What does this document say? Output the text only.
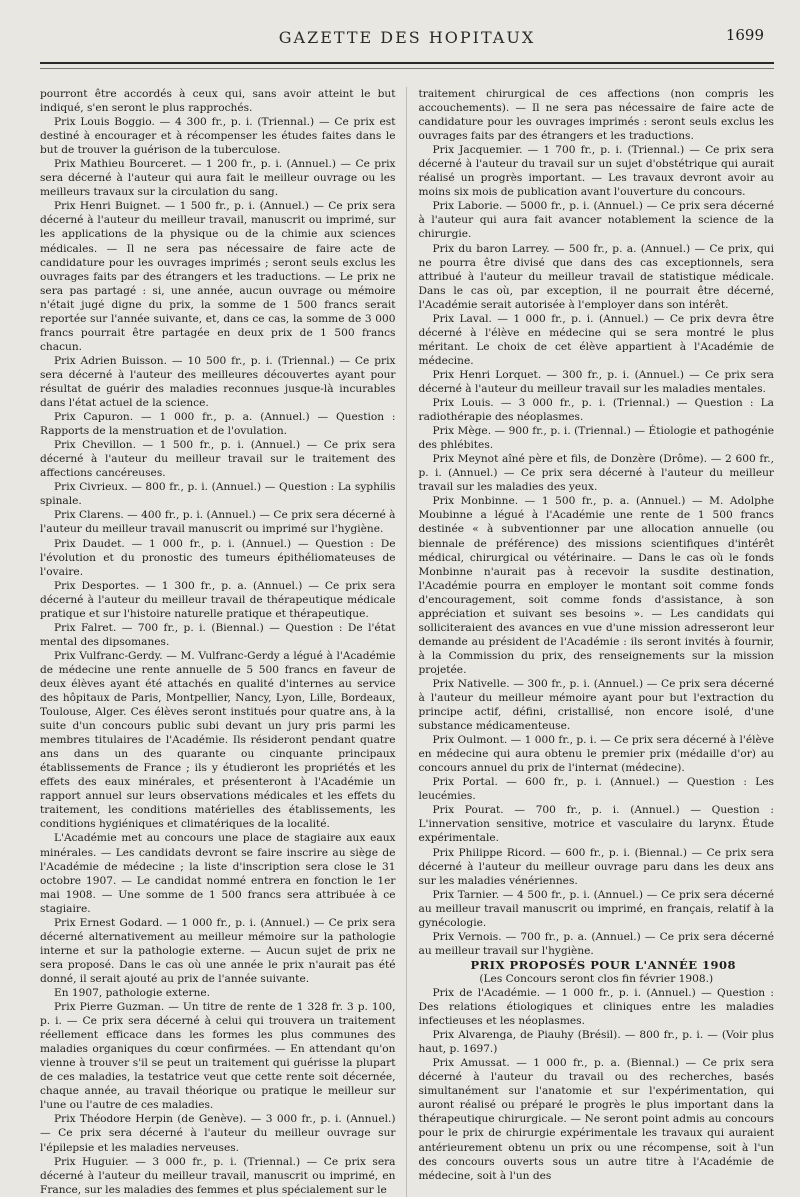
GAZETTE DES HOPITAUX	1699

pourront être accordés à ceux qui, sans avoir atteint le but indiqué, s'en seront le plus rapprochés.

Prix Louis Boggio. — 4 300 fr., p. i. (Triennal.) — Ce prix est destiné à encourager et à récompenser les études faites dans le but de trouver la guérison de la tuberculose.

Prix Mathieu Bourceret. — 1 200 fr., p. i. (Annuel.) — Ce prix sera décerné à l'auteur qui aura fait le meilleur ouvrage ou les meilleurs travaux sur la circulation du sang.

Prix Henri Buignet. — 1 500 fr., p. i. (Annuel.) — Ce prix sera décerné à l'auteur du meilleur travail, manuscrit ou imprimé, sur les applications de la physique ou de la chimie aux sciences médicales. — Il ne sera pas nécessaire de faire acte de candidature pour les ouvrages imprimés ; seront seuls exclus les ouvrages faits par des étrangers et les traductions. — Le prix ne sera pas partagé : si, une année, aucun ouvrage ou mémoire n'était jugé digne du prix, la somme de 1 500 francs serait reportée sur l'année suivante, et, dans ce cas, la somme de 3 000 francs pourrait être partagée en deux prix de 1 500 francs chacun.

Prix Adrien Buisson. — 10 500 fr., p. i. (Triennal.) — Ce prix sera décerné à l'auteur des meilleures découvertes ayant pour résultat de guérir des maladies reconnues jusque-là incurables dans l'état actuel de la science.

Prix Capuron. — 1 000 fr., p. a. (Annuel.) — Question : Rapports de la menstruation et de l'ovulation.

Prix Chevillon. — 1 500 fr., p. i. (Annuel.) — Ce prix sera décerné à l'auteur du meilleur travail sur le traitement des affections cancéreuses.

Prix Civrieux. — 800 fr., p. i. (Annuel.) — Question : La syphilis spinale.

Prix Clarens. — 400 fr., p. i. (Annuel.) — Ce prix sera décerné à l'auteur du meilleur travail manuscrit ou imprimé sur l'hygiène.

Prix Daudet. — 1 000 fr., p. i. (Annuel.) — Question : De l'évolution et du pronostic des tumeurs épithéliomateuses de l'ovaire.

Prix Desportes. — 1 300 fr., p. a. (Annuel.) — Ce prix sera décerné à l'auteur du meilleur travail de thérapeutique médicale pratique et sur l'histoire naturelle pratique et thérapeutique.

Prix Falret. — 700 fr., p. i. (Biennal.) — Question : De l'état mental des dipsomanes.

Prix Vulfranc-Gerdy. — M. Vulfranc-Gerdy a légué à l'Académie de médecine une rente annuelle de 5 500 francs en faveur de deux élèves ayant été attachés en qualité d'internes au service des hôpitaux de Paris, Montpellier, Nancy, Lyon, Lille, Bordeaux, Toulouse, Alger. Ces élèves seront institués pour quatre ans, à la suite d'un concours public subi devant un jury pris parmi les membres titulaires de l'Académie. Ils résideront pendant quatre ans dans un des quarante ou cinquante principaux établissements de France ; ils y étudieront les propriétés et les effets des eaux minérales, et présenteront à l'Académie un rapport annuel sur leurs observations médicales et les effets du traitement, les conditions matérielles des établissements, les conditions hygiéniques et climatériques de la localité.

L'Académie met au concours une place de stagiaire aux eaux minérales. — Les candidats devront se faire inscrire au siège de l'Académie de médecine ; la liste d'inscription sera close le 31 octobre 1907. — Le candidat nommé entrera en fonction le 1er mai 1908. — Une somme de 1 500 francs sera attribuée à ce stagiaire.

Prix Ernest Godard. — 1 000 fr., p. i. (Annuel.) — Ce prix sera décerné alternativement au meilleur mémoire sur la pathologie interne et sur la pathologie externe. — Aucun sujet de prix ne sera proposé. Dans le cas où une année le prix n'aurait pas été donné, il serait ajouté au prix de l'année suivante.

En 1907, pathologie externe.

Prix Pierre Guzman. — Un titre de rente de 1 328 fr. 3 p. 100, p. i. — Ce prix sera décerné à celui qui trouvera un traitement réellement efficace dans les formes les plus communes des maladies organiques du cœur confirmées. — En attendant qu'on vienne à trouver s'il se peut un traitement qui guérisse la plupart de ces maladies, la testatrice veut que cette rente soit décernée, chaque année, au travail théorique ou pratique le meilleur sur l'une ou l'autre de ces maladies.

Prix Théodore Herpin (de Genève). — 3 000 fr., p. i. (Annuel.) — Ce prix sera décerné à l'auteur du meilleur ouvrage sur l'épilepsie et les maladies nerveuses.

Prix Huguier. — 3 000 fr., p. i. (Triennal.) — Ce prix sera décerné à l'auteur du meilleur travail, manuscrit ou imprimé, en France, sur les maladies des femmes et plus spécialement sur le

traitement chirurgical de ces affections (non compris les accouchements). — Il ne sera pas nécessaire de faire acte de candidature pour les ouvrages imprimés : seront seuls exclus les ouvrages faits par des étrangers et les traductions.

Prix Jacquemier. — 1 700 fr., p. i. (Triennal.) — Ce prix sera décerné à l'auteur du travail sur un sujet d'obstétrique qui aurait réalisé un progrès important. — Les travaux devront avoir au moins six mois de publication avant l'ouverture du concours.

Prix Laborie. — 5000 fr., p. i. (Annuel.) — Ce prix sera décerné à l'auteur qui aura fait avancer notablement la science de la chirurgie.

Prix du baron Larrey. — 500 fr., p. a. (Annuel.) — Ce prix, qui ne pourra être divisé que dans des cas exceptionnels, sera attribué à l'auteur du meilleur travail de statistique médicale. Dans le cas où, par exception, il ne pourrait être décerné, l'Académie serait autorisée à l'employer dans son intérêt.

Prix Laval. — 1 000 fr., p. i. (Annuel.) — Ce prix devra être décerné à l'élève en médecine qui se sera montré le plus méritant. Le choix de cet élève appartient à l'Académie de médecine.

Prix Henri Lorquet. — 300 fr., p. i. (Annuel.) — Ce prix sera décerné à l'auteur du meilleur travail sur les maladies mentales.

Prix Louis. — 3 000 fr., p. i. (Triennal.) — Question : La radiothérapie des néoplasmes.

Prix Mège. — 900 fr., p. i. (Triennal.) — Étiologie et pathogénie des phlébites.

Prix Meynot aîné père et fils, de Donzère (Drôme). — 2 600 fr., p. i. (Annuel.) — Ce prix sera décerné à l'auteur du meilleur travail sur les maladies des yeux.

Prix Monbinne. — 1 500 fr., p. a. (Annuel.) — M. Adolphe Moubinne a légué à l'Académie une rente de 1 500 francs destinée « à subventionner par une allocation annuelle (ou biennale de préférence) des missions scientifiques d'intérêt médical, chirurgical ou vétérinaire. — Dans le cas où le fonds Monbinne n'aurait pas à recevoir la susdite destination, l'Académie pourra en employer le montant soit comme fonds d'encouragement, soit comme fonds d'assistance, à son appréciation et suivant ses besoins ». — Les candidats qui solliciteraient des avances en vue d'une mission adresseront leur demande au président de l'Académie : ils seront invités à fournir, à la Commission du prix, des renseignements sur la mission projetée.

Prix Nativelle. — 300 fr., p. i. (Annuel.) — Ce prix sera décerné à l'auteur du meilleur mémoire ayant pour but l'extraction du principe actif, défini, cristallisé, non encore isolé, d'une substance médicamenteuse.

Prix Oulmont. — 1 000 fr., p. i. — Ce prix sera décerné à l'élève en médecine qui aura obtenu le premier prix (médaille d'or) au concours annuel du prix de l'internat (médecine).

Prix Portal. — 600 fr., p. i. (Annuel.) — Question : Les leucémies.

Prix Pourat. — 700 fr., p. i. (Annuel.) — Question : L'innervation sensitive, motrice et vasculaire du larynx. Étude expérimentale.

Prix Philippe Ricord. — 600 fr., p. i. (Biennal.) — Ce prix sera décerné à l'auteur du meilleur ouvrage paru dans les deux ans sur les maladies vénériennes.

Prix Tarnier. — 4 500 fr., p. i. (Annuel.) — Ce prix sera décerné au meilleur travail manuscrit ou imprimé, en français, relatif à la gynécologie.

Prix Vernois. — 700 fr., p. a. (Annuel.) — Ce prix sera décerné au meilleur travail sur l'hygiène.

PRIX PROPOSÉS POUR L'ANNÉE 1908

(Les Concours seront clos fin février 1908.)

Prix de l'Académie. — 1 000 fr., p. i. (Annuel.) — Question : Des relations étiologiques et cliniques entre les maladies infectieuses et les néoplasmes.

Prix Alvarenga, de Piauhy (Brésil). — 800 fr., p. i. — (Voir plus haut, p. 1697.)

Prix Amussat. — 1 000 fr., p. a. (Biennal.) — Ce prix sera décerné à l'auteur du travail ou des recherches, basés simultanément sur l'anatomie et sur l'expérimentation, qui auront réalisé ou préparé le progrès le plus important dans la thérapeutique chirurgicale. — Ne seront point admis au concours pour le prix de chirurgie expérimentale les travaux qui auraient antérieurement obtenu un prix ou une récompense, soit à l'un des concours ouverts sous un autre titre à l'Académie de médecine, soit à l'un des
